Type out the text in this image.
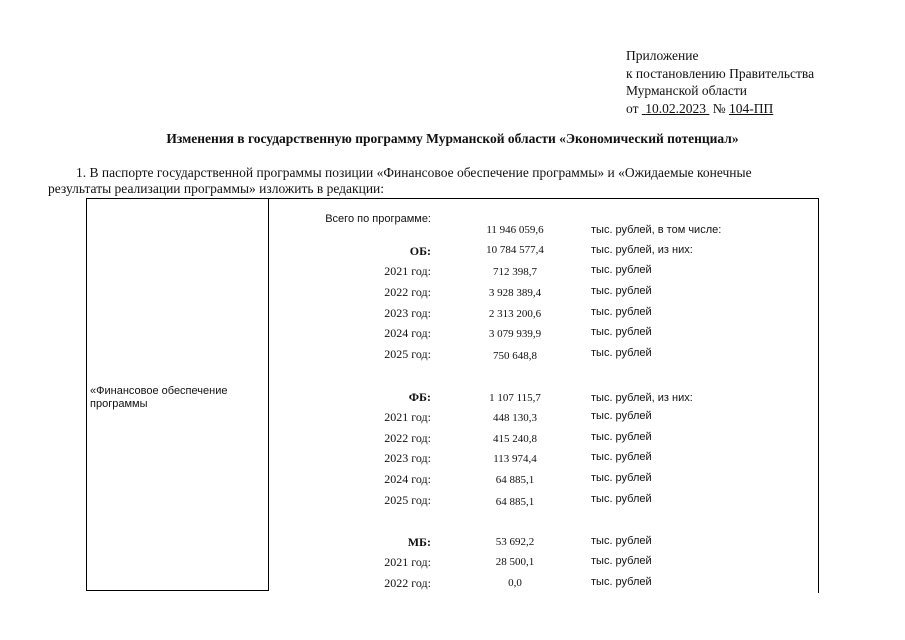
Приложение
к постановлению Правительства
Мурманской области
от 10.02.2023 № 104-ПП
Изменения в государственную программу Мурманской области «Экономический потенциал»
1. В паспорте государственной программы позиции «Финансовое обеспечение программы» и «Ожидаемые конечные
результаты реализации программы» изложить в редакции:
«Финансовое обеспечение
программы
Всего по программе:
11 946 059,6	тыс. рублей, в том числе:
ОБ:	10 784 577,4	тыс. рублей, из них:
2021 год:	712 398,7	тыс. рублей
2022 год:	3 928 389,4	тыс. рублей
2023 год:	2 313 200,6	тыс. рублей
2024 год:	3 079 939,9	тыс. рублей
2025 год:	750 648,8	тыс. рублей
ФБ:	1 107 115,7	тыс. рублей, из них:
2021 год:	448 130,3	тыс. рублей
2022 год:	415 240,8	тыс. рублей
2023 год:	113 974,4	тыс. рублей
2024 год:	64 885,1	тыс. рублей
2025 год:	64 885,1	тыс. рублей
МБ:	53 692,2	тыс. рублей
2021 год:	28 500,1	тыс. рублей
2022 год:	0,0	тыс. рублей
